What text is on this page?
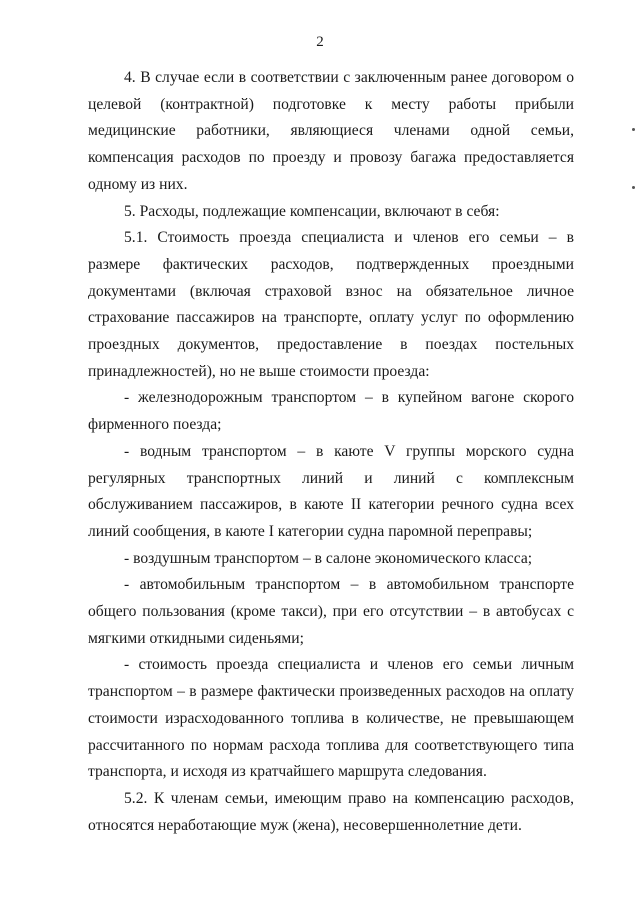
2

4. В случае если в соответствии с заключенным ранее договором о целевой (контрактной) подготовке к месту работы прибыли медицинские работники, являющиеся членами одной семьи, компенсация расходов по проезду и провозу багажа предоставляется одному из них.

5. Расходы, подлежащие компенсации, включают в себя:

5.1. Стоимость проезда специалиста и членов его семьи – в размере фактических расходов, подтвержденных проездными документами (включая страховой взнос на обязательное личное страхование пассажиров на транспорте, оплату услуг по оформлению проездных документов, предоставление в поездах постельных принадлежностей), но не выше стоимости проезда:

- железнодорожным транспортом – в купейном вагоне скорого фирменного поезда;

- водным транспортом – в каюте V группы морского судна регулярных транспортных линий и линий с комплексным обслуживанием пассажиров, в каюте II категории речного судна всех линий сообщения, в каюте I категории судна паромной переправы;

- воздушным транспортом – в салоне экономического класса;

- автомобильным транспортом – в автомобильном транспорте общего пользования (кроме такси), при его отсутствии – в автобусах с мягкими откидными сиденьями;

- стоимость проезда специалиста и членов его семьи личным транспортом – в размере фактически произведенных расходов на оплату стоимости израсходованного топлива в количестве, не превышающем рассчитанного по нормам расхода топлива для соответствующего типа транспорта, и исходя из кратчайшего маршрута следования.

5.2. К членам семьи, имеющим право на компенсацию расходов, относятся неработающие муж (жена), несовершеннолетние дети.
